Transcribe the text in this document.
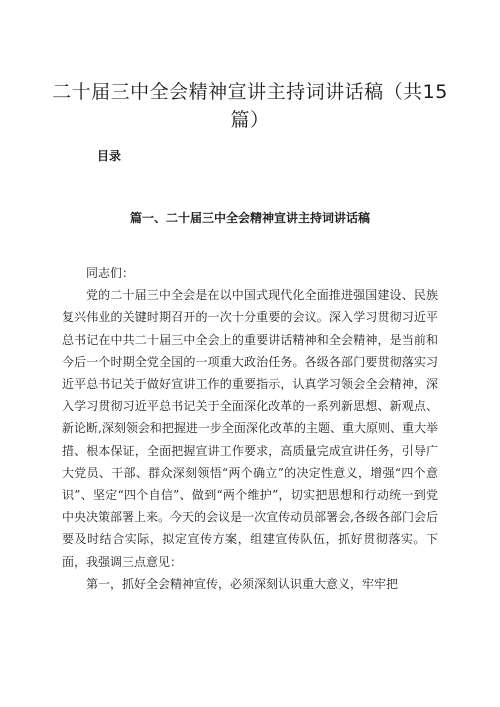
二十届三中全会精神宣讲主持词讲话稿（共15篇）
目录
篇一、二十届三中全会精神宣讲主持词讲话稿

同志们：

党的二十届三中全会是在以中国式现代化全面推进强国建设、民族复兴伟业的关键时期召开的一次十分重要的会议。深入学习贯彻习近平总书记在中共二十届三中全会上的重要讲话精神和全会精神，是当前和今后一个时期全党全国的一项重大政治任务。各级各部门要贯彻落实习近平总书记关于做好宣讲工作的重要指示，认真学习领会全会精神，深入学习贯彻习近平总书记关于全面深化改革的一系列新思想、新观点、新论断,深刻领会和把握进一步全面深化改革的主题、重大原则、重大举措、根本保证，全面把握宣讲工作要求，高质量完成宣讲任务，引导广大党员、干部、群众深刻领悟“两个确立”的决定性意义，增强“四个意识”、坚定“四个自信”、做到“两个维护”，切实把思想和行动统一到党中央决策部署上来。今天的会议是一次宣传动员部署会,各级各部门会后要及时结合实际，拟定宣传方案，组建宣传队伍，抓好贯彻落实。下面，我强调三点意见：

第一，抓好全会精神宣传，必须深刻认识重大意义，牢牢把
